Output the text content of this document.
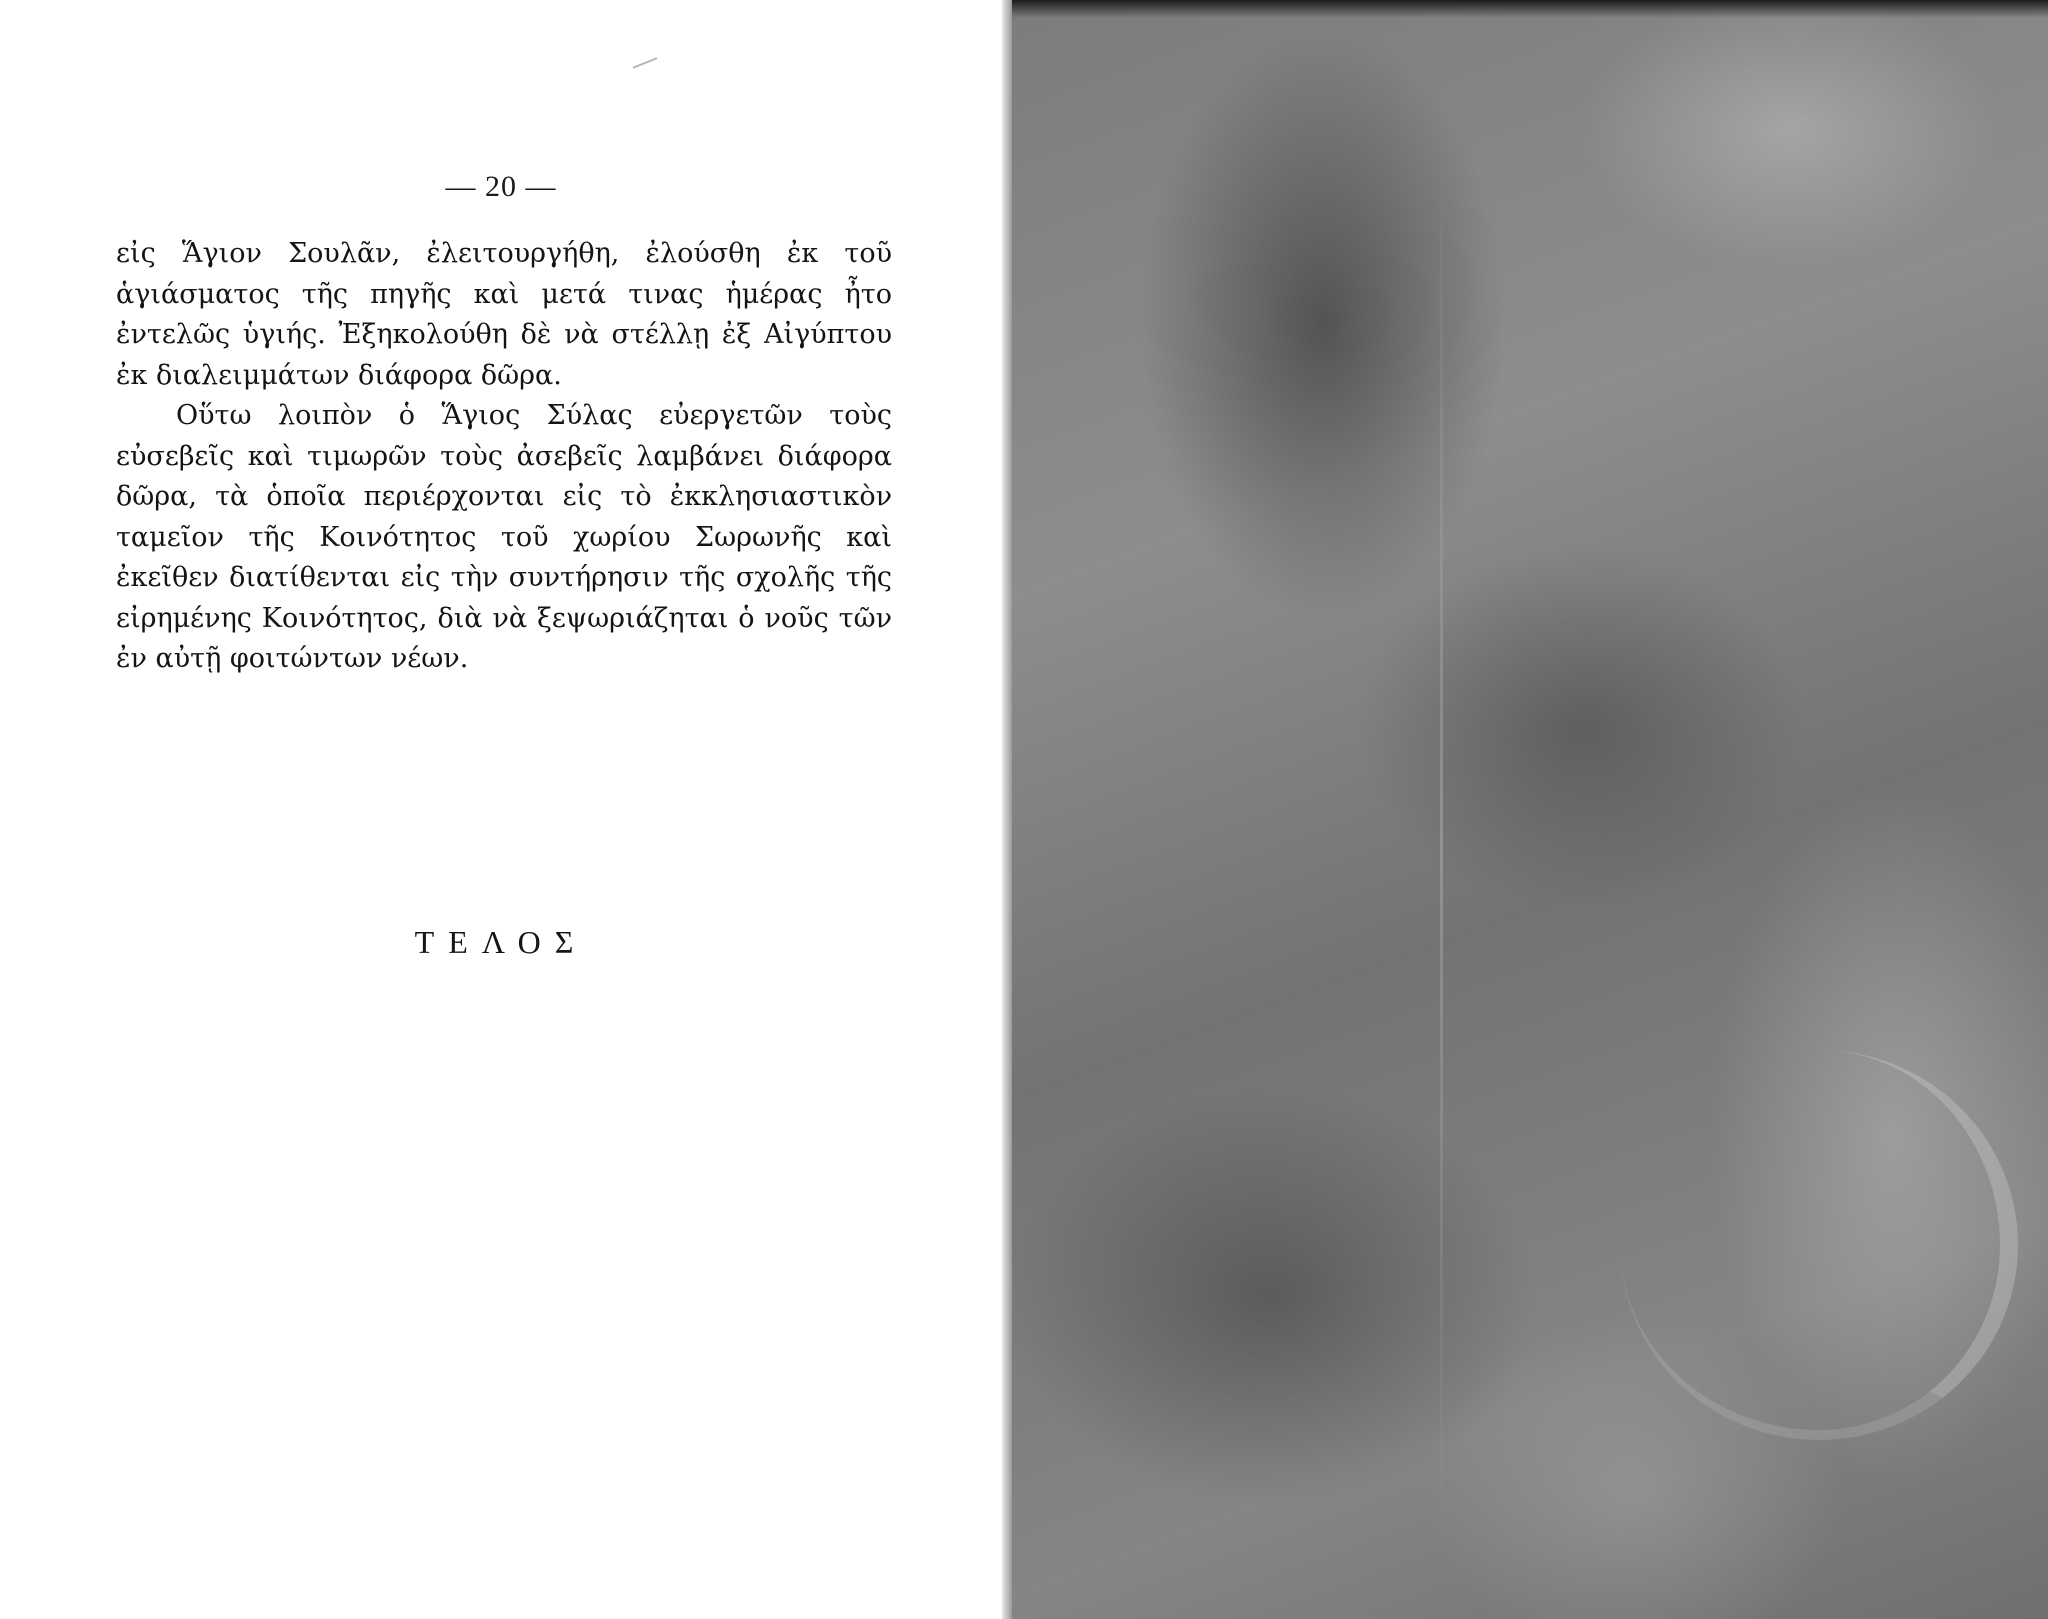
— 20 —

εἰς Ἅγιον Σουλᾶν, ἐλειτουργήθη, ἐλούσθη ἐκ τοῦ ἁγιάσματος τῆς πηγῆς καὶ μετά τινας ἡμέρας ἦτο ἐντελῶς ὑγιής. Ἐξηκολούθη δὲ νὰ στέλλῃ ἐξ Αἰγύπτου ἐκ διαλειμμάτων διάφορα δῶρα.

Οὕτω λοιπὸν ὁ Ἅγιος Σύλας εὐεργετῶν τοὺς εὐσεβεῖς καὶ τιμωρῶν τοὺς ἀσεβεῖς λαμβάνει διάφορα δῶρα, τὰ ὁποῖα περιέρχονται εἰς τὸ ἐκκλησιαστικὸν ταμεῖον τῆς Κοινότητος τοῦ χωρίου Σωρωνῆς καὶ ἐκεῖθεν διατίθενται εἰς τὴν συντήρησιν τῆς σχολῆς τῆς εἰρημένης Κοινότητος, διὰ νὰ ξεψωριάζηται ὁ νοῦς τῶν ἐν αὐτῇ φοιτώντων νέων.

ΤΕΛΟΣ
